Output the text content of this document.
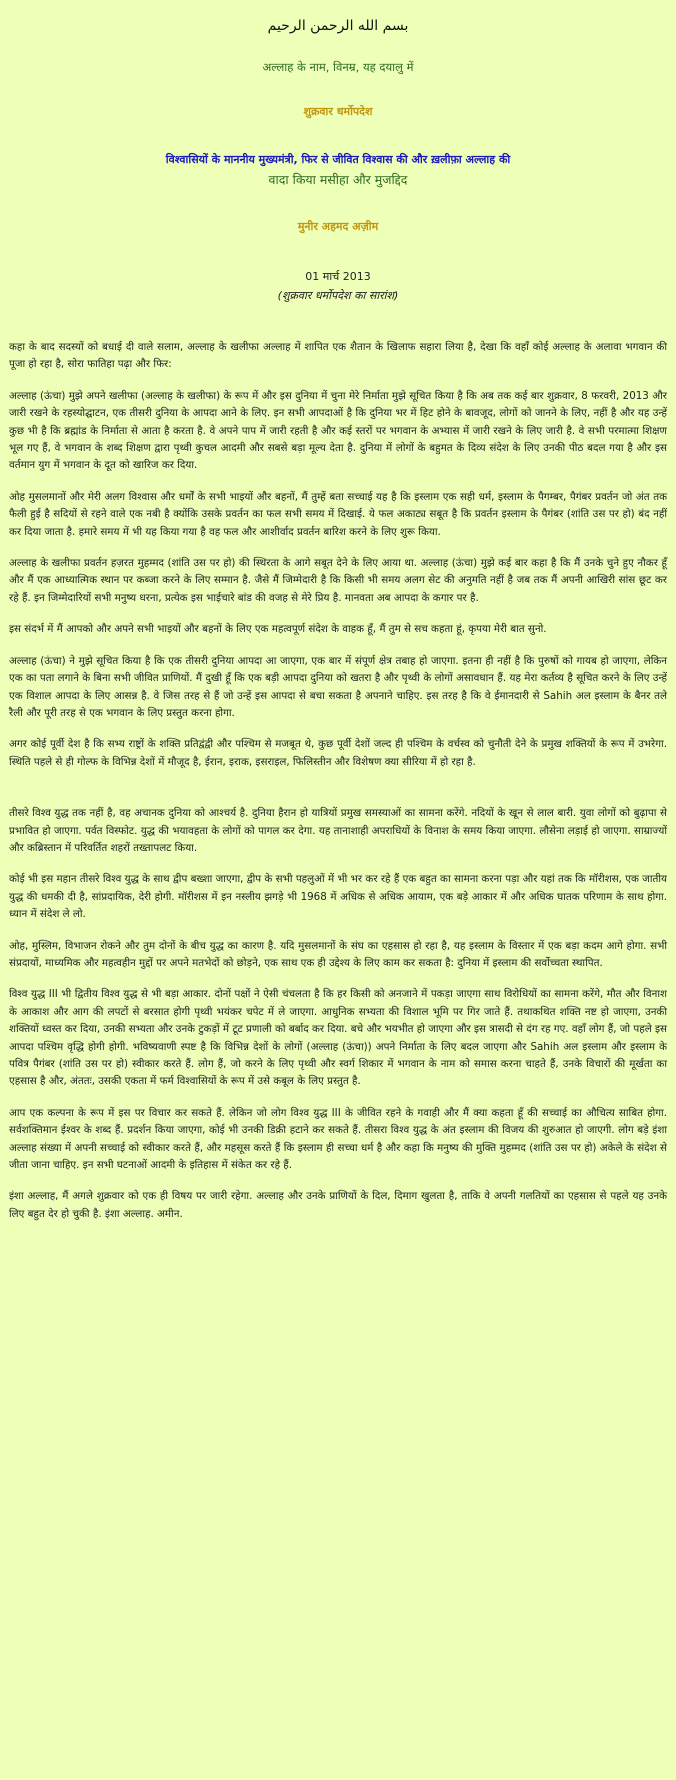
بسم الله الرحمن الرحيم
अल्लाह के नाम, विनम्र, यह दयालु में
शुक्रवार धर्मोपदेश
विश्वासियों के माननीय मुख्यमंत्री, फिर से जीवित विश्वास की और ख़लीफ़ा अल्लाह की
वादा किया मसीहा और मुजद्दिद
मुनीर अहमद अज़ीम
01 मार्च 2013
(शुक्रवार धर्मोपदेश का सारांश)

कहा के बाद सदस्यों को बधाई दी वाले सलाम, अल्लाह के खलीफा अल्लाह में शापित एक शैतान के खिलाफ सहारा लिया है, देखा कि वहाँ कोई अल्लाह के अलावा भगवान की पूजा हो रहा है, सोरा फातिहा पढ़ा और फिर:

अल्लाह (ऊंचा) मुझे अपने खलीफा (अल्लाह के खलीफा) के रूप में और इस दुनिया में चुना मेरे निर्माता मुझे सूचित किया है कि अब तक कई बार शुक्रवार, 8 फरवरी, 2013 और जारी रखने के रहस्योद्घाटन, एक तीसरी दुनिया के आपदा आने के लिए. इन सभी आपदाओं है कि दुनिया भर में हिट होने के बावजूद, लोगों को जानने के लिए, नहीं है और यह उन्हें कुछ भी है कि ब्रह्मांड के निर्माता से आता है करता है. वे अपने पाप में जारी रहती है और कई स्तरों पर भगवान के अभ्यास में जारी रखने के लिए जारी है. वे सभी परमात्मा शिक्षण भूल गए हैं, वे भगवान के शब्द शिक्षण द्वारा पृथ्वी कुचल आदमी और सबसे बड़ा मूल्य देता है. दुनिया में लोगों के बहुमत के दिव्य संदेश के लिए उनकी पीठ बदल गया है और इस वर्तमान युग में भगवान के दूत को खारिज कर दिया.

ओह मुसलमानों और मेरी अलग विश्वास और धर्मों के सभी भाइयों और बहनों, मैं तुम्हें बता सच्चाई यह है कि इस्लाम एक सही धर्म, इस्लाम के पैगम्बर, पैगंबर प्रवर्तन जो अंत तक फैली हुई है सदियों से रहने वाले एक नबी है क्योंकि उसके प्रवर्तन का फल सभी समय में दिखाई. ये फल अकाट्य सबूत है कि प्रवर्तन इस्लाम के पैगंबर (शांति उस पर हो) बंद नहीं कर दिया जाता है. हमारे समय में भी यह किया गया है वह फल और आशीर्वाद प्रवर्तन बारिश करने के लिए शुरू किया.

अल्लाह के खलीफा प्रवर्तन हज़रत मुहम्मद (शांति उस पर हो) की स्थिरता के आगे सबूत देने के लिए आया था. अल्लाह (ऊंचा) मुझे कई बार कहा है कि मैं उनके चुने हुए नौकर हूँ और मैं एक आध्यात्मिक स्थान पर कब्जा करने के लिए सम्मान है. जैसे मैं जिम्मेदारी है कि किसी भी समय अलग सेट की अनुमति नहीं है जब तक मैं अपनी आखिरी सांस छूट कर रहे हैं. इन जिम्मेदारियों सभी मनुष्य धरना, प्रत्येक इस भाईचारे बांड की वजह से मेरे प्रिय है. मानवता अब आपदा के कगार पर है.

इस संदर्भ में मैं आपको और अपने सभी भाइयों और बहनों के लिए एक महत्वपूर्ण संदेश के वाहक हूँ, मैं तुम से सच कहता हूं, कृपया मेरी बात सुनो.

अल्लाह (ऊंचा) ने मुझे सूचित किया है कि एक तीसरी दुनिया आपदा आ जाएगा, एक बार में संपूर्ण क्षेत्र तबाह हो जाएगा. इतना ही नहीं है कि पुरुषों को गायब हो जाएगा, लेकिन एक का पता लगाने के बिना सभी जीवित प्राणियों. मैं दुखी हूँ कि एक बड़ी आपदा दुनिया को खतरा है और पृथ्वी के लोगों असावधान हैं. यह मेरा कर्तव्य है सूचित करने के लिए उन्हें एक विशाल आपदा के लिए आसन्न है. वे जिस तरह से हैं जो उन्हें इस आपदा से बचा सकता है अपनाने चाहिए. इस तरह है कि वे ईमानदारी से Sahih अल इस्लाम के बैनर तले रैली और पूरी तरह से एक भगवान के लिए प्रस्तुत करना होगा.

अगर कोई पूर्वी देश है कि सभ्य राष्ट्रों के शक्ति प्रतिद्वंद्वी और पश्चिम से मजबूत थे, कुछ पूर्वी देशों जल्द ही पश्चिम के वर्चस्व को चुनौती देने के प्रमुख शक्तियों के रूप में उभरेगा. स्थिति पहले से ही गोल्फ के विभिन्न देशों में मौजूद है, ईरान, इराक, इसराइल, फिलिस्तीन और विशेषण क्या सीरिया में हो रहा है.

तीसरे विश्व युद्ध तक नहीं है, वह अचानक दुनिया को आश्चर्य है. दुनिया हैरान हो यात्रियों प्रमुख समस्याओं का सामना करेंगे. नदियों के खून से लाल बारी. युवा लोगों को बुढ़ापा से प्रभावित हो जाएगा. पर्वत विस्फोट. युद्ध की भयावहता के लोगों को पागल कर देगा. यह तानाशाही अपराधियों के विनाश के समय किया जाएगा. लौसेना लड़ाई हो जाएगा. साम्राज्यों और कब्रिस्तान में परिवर्तित शहरों तख्तापलट किया.

कोई भी इस महान तीसरे विश्व युद्ध के साथ द्वीप बख्शा जाएगा, द्वीप के सभी पहलुओं में भी भर कर रहे हैं एक बहुत का सामना करना पड़ा और यहां तक कि मॉरीशस, एक जातीय युद्ध की धमकी दी है, सांप्रदायिक, देरी होगी. मॉरीशस में इन नस्लीय झगड़े भी 1968 में अधिक से अधिक आयाम, एक बड़े आकार में और अधिक घातक परिणाम के साथ होगा. ध्यान में संदेश ले लो.

ओह, मुस्लिम, विभाजन रोकने और तुम दोनों के बीच युद्ध का कारण है. यदि मुसलमानों के संघ का एहसास हो रहा है, यह इस्लाम के विस्तार में एक बड़ा कदम आगे होगा. सभी संप्रदायों, माध्यमिक और महत्वहीन मुद्दों पर अपने मतभेदों को छोड़ने, एक साथ एक ही उद्देश्य के लिए काम कर सकता है: दुनिया में इस्लाम की सर्वोच्चता स्थापित.

विश्व युद्ध III भी द्वितीय विश्व युद्ध से भी बड़ा आकार. दोनों पक्षों ने ऐसी चंचलता है कि हर किसी को अनजाने में पकड़ा जाएगा साथ विरोधियों का सामना करेंगे, मौत और विनाश के आकाश और आग की लपटों से बरसात होगी पृथ्वी भयंकर चपेट में ले जाएगा. आधुनिक सभ्यता की विशाल भूमि पर गिर जाते हैं. तथाकथित शक्ति नष्ट हो जाएगा, उनकी शक्तियों ध्वस्त कर दिया, उनकी सभ्यता और उनके टुकड़ों में टूट प्रणाली को बर्बाद कर दिया. बचे और भयभीत हो जाएगा और इस त्रासदी से दंग रह गए. वहाँ लोग हैं, जो पहले इस आपदा पश्चिम वृद्धि होगी होगी. भविष्यवाणी स्पष्ट है कि विभिन्न देशों के लोगों (अल्लाह (ऊंचा)) अपने निर्माता के लिए बदल जाएगा और Sahih अल इस्लाम और इस्लाम के पवित्र पैगंबर (शांति उस पर हो) स्वीकार करते हैं. लोग हैं, जो करने के लिए पृथ्वी और स्वर्ग शिकार में भगवान के नाम को समास करना चाहते हैं, उनके विचारों की मूर्खता का एहसास है और, अंततः, उसकी एकता में फर्म विश्वासियों के रूप में उसे कबूल के लिए प्रस्तुत है.

आप एक कल्पना के रूप में इस पर विचार कर सकते हैं. लेकिन जो लोग विश्व युद्ध III के जीवित रहने के गवाही और मैं क्या कहता हूँ की सच्चाई का औचित्य साबित होगा. सर्वशक्तिमान ईश्वर के शब्द हैं. प्रदर्शन किया जाएगा, कोई भी उनकी डिक्री हटाने कर सकते हैं. तीसरा विश्व युद्ध के अंत इस्लाम की विजय की शुरुआत हो जाएगी. लोग बड़े इंशा अल्लाह संख्या में अपनी सच्चाई को स्वीकार करते हैं, और महसूस करते हैं कि इस्लाम ही सच्चा धर्म है और कहा कि मनुष्य की मुक्ति मुहम्मद (शांति उस पर हो) अकेले के संदेश से जीता जाना चाहिए. इन सभी घटनाओं आदमी के इतिहास में संकेत कर रहे हैं.

इंशा अल्लाह, मैं अगले शुक्रवार को एक ही विषय पर जारी रहेगा. अल्लाह और उनके प्राणियों के दिल, दिमाग खुलता है, ताकि वे अपनी गलतियों का एहसास से पहले यह उनके लिए बहुत देर हो चुकी है. इंशा अल्लाह. अमीन.
